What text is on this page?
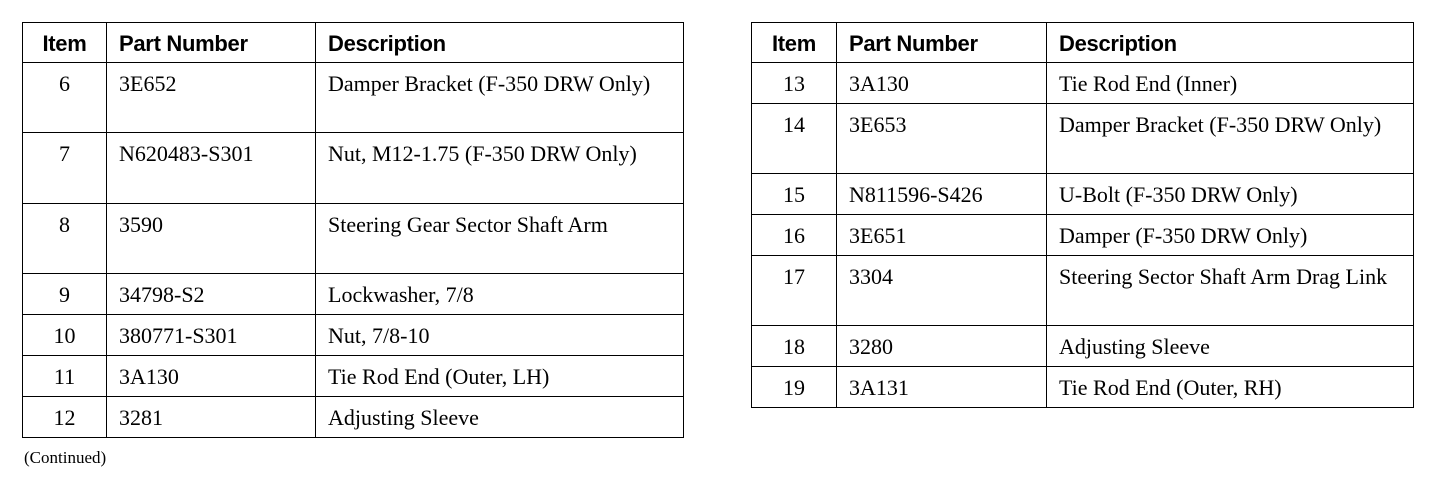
Item	Part Number	Description
6	3E652	Damper Bracket (F-350 DRW Only)
7	N620483-S301	Nut, M12-1.75 (F-350 DRW Only)
8	3590	Steering Gear Sector Shaft Arm
9	34798-S2	Lockwasher, 7/8
10	380771-S301	Nut, 7/8-10
11	3A130	Tie Rod End (Outer, LH)
12	3281	Adjusting Sleeve
(Continued)
Item	Part Number	Description
13	3A130	Tie Rod End (Inner)
14	3E653	Damper Bracket (F-350 DRW Only)
15	N811596-S426	U-Bolt (F-350 DRW Only)
16	3E651	Damper (F-350 DRW Only)
17	3304	Steering Sector Shaft Arm Drag Link
18	3280	Adjusting Sleeve
19	3A131	Tie Rod End (Outer, RH)
